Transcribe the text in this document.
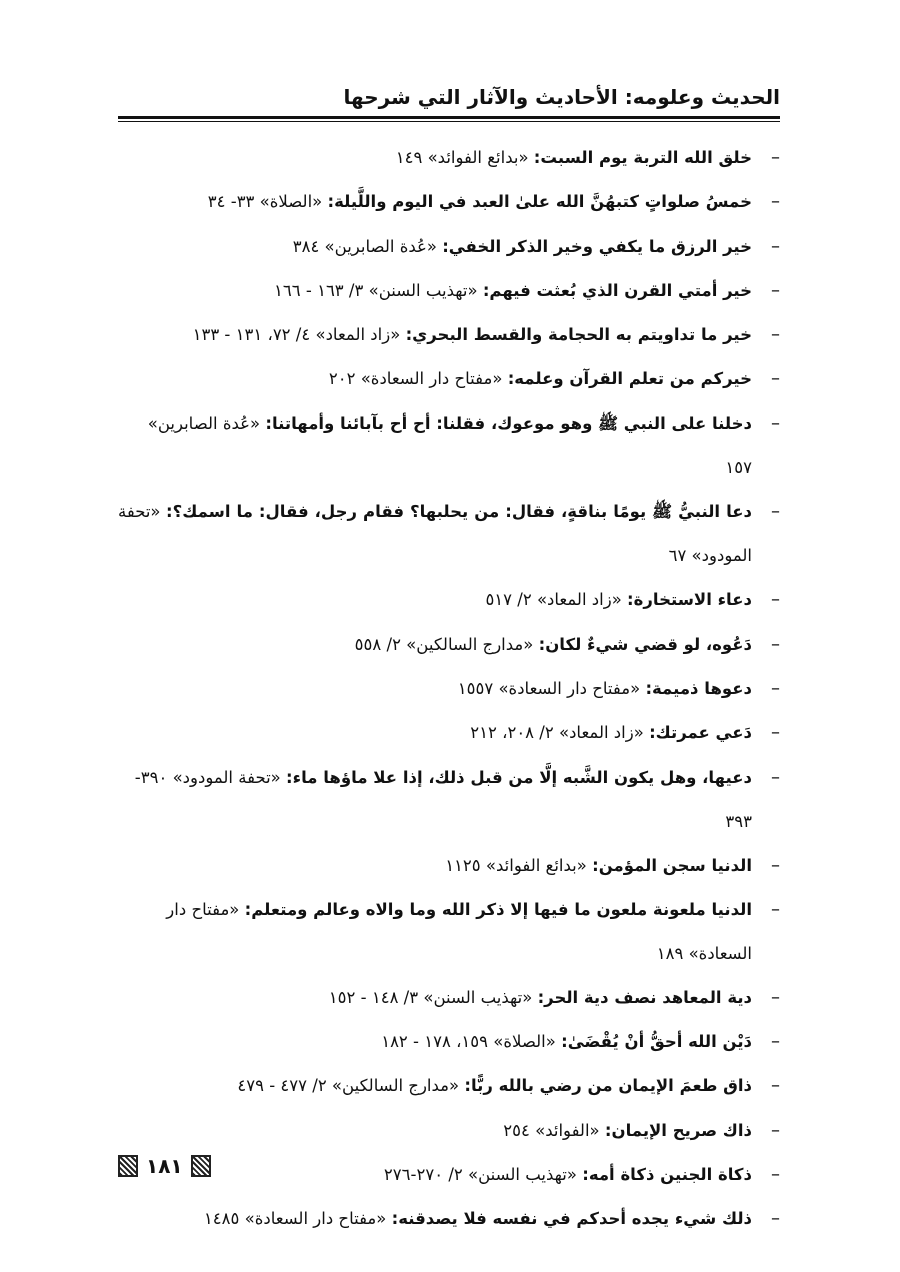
الحديث وعلومه: الأحاديث والآثار التي شرحها
–
خلق الله التربة يوم السبت: «بدائع الفوائد» ١٤٩
–
خمسُ صلواتٍ كتبهُنَّ الله علىٰ العبد في اليوم واللَّيلة: «الصلاة» ٣٣- ٣٤
–
خير الرزق ما يكفي وخير الذكر الخفي: «عُدة الصابرين» ٣٨٤
–
خير أمتي القرن الذي بُعثت فيهم: «تهذيب السنن» ٣/ ١٦٣ - ١٦٦
–
خير ما تداويتم به الحجامة والقسط البحري: «زاد المعاد» ٤/ ٧٢، ١٣١ - ١٣٣
–
خيركم من تعلم القرآن وعلمه: «مفتاح دار السعادة» ٢٠٢
–
دخلنا على النبي ﷺ وهو موعوك، فقلنا: أح أح بآبائنا وأمهاتنا: «عُدة الصابرين» ١٥٧
–
دعا النبيُّ ﷺ يومًا بناقةٍ، فقال: من يحلبها؟ فقام رجل، فقال: ما اسمك؟: «تحفة المودود» ٦٧
–
دعاء الاستخارة: «زاد المعاد» ٢/ ٥١٧
–
دَعُوه، لو قضي شيءٌ لكان: «مدارج السالكين» ٢/ ٥٥٨
–
دعوها ذميمة: «مفتاح دار السعادة» ١٥٥٧
–
دَعي عمرتك: «زاد المعاد» ٢/ ٢٠٨، ٢١٢
–
دعيها، وهل يكون الشَّبه إلَّا من قبل ذلك، إذا علا ماؤها ماء: «تحفة المودود» ٣٩٠- ٣٩٣
–
الدنيا سجن المؤمن: «بدائع الفوائد» ١١٢٥
–
الدنيا ملعونة ملعون ما فيها إلا ذكر الله وما والاه وعالم ومتعلم: «مفتاح دار السعادة» ١٨٩
–
دية المعاهد نصف دية الحر: «تهذيب السنن» ٣/ ١٤٨ - ١٥٢
–
دَيْن الله أحقُّ أنْ يُقْضَىٰ: «الصلاة» ١٥٩، ١٧٨ - ١٨٢
–
ذاق طعمَ الإيمان من رضي بالله ربًّا: «مدارج السالكين» ٢/ ٤٧٧ - ٤٧٩
–
ذاك صريح الإيمان: «الفوائد» ٢٥٤
–
ذكاة الجنين ذكاة أمه: «تهذيب السنن» ٢/ ٢٧٠-٢٧٦
–
ذلك شيء يجده أحدكم في نفسه فلا يصدقنه: «مفتاح دار السعادة» ١٤٨٥
١٨١
